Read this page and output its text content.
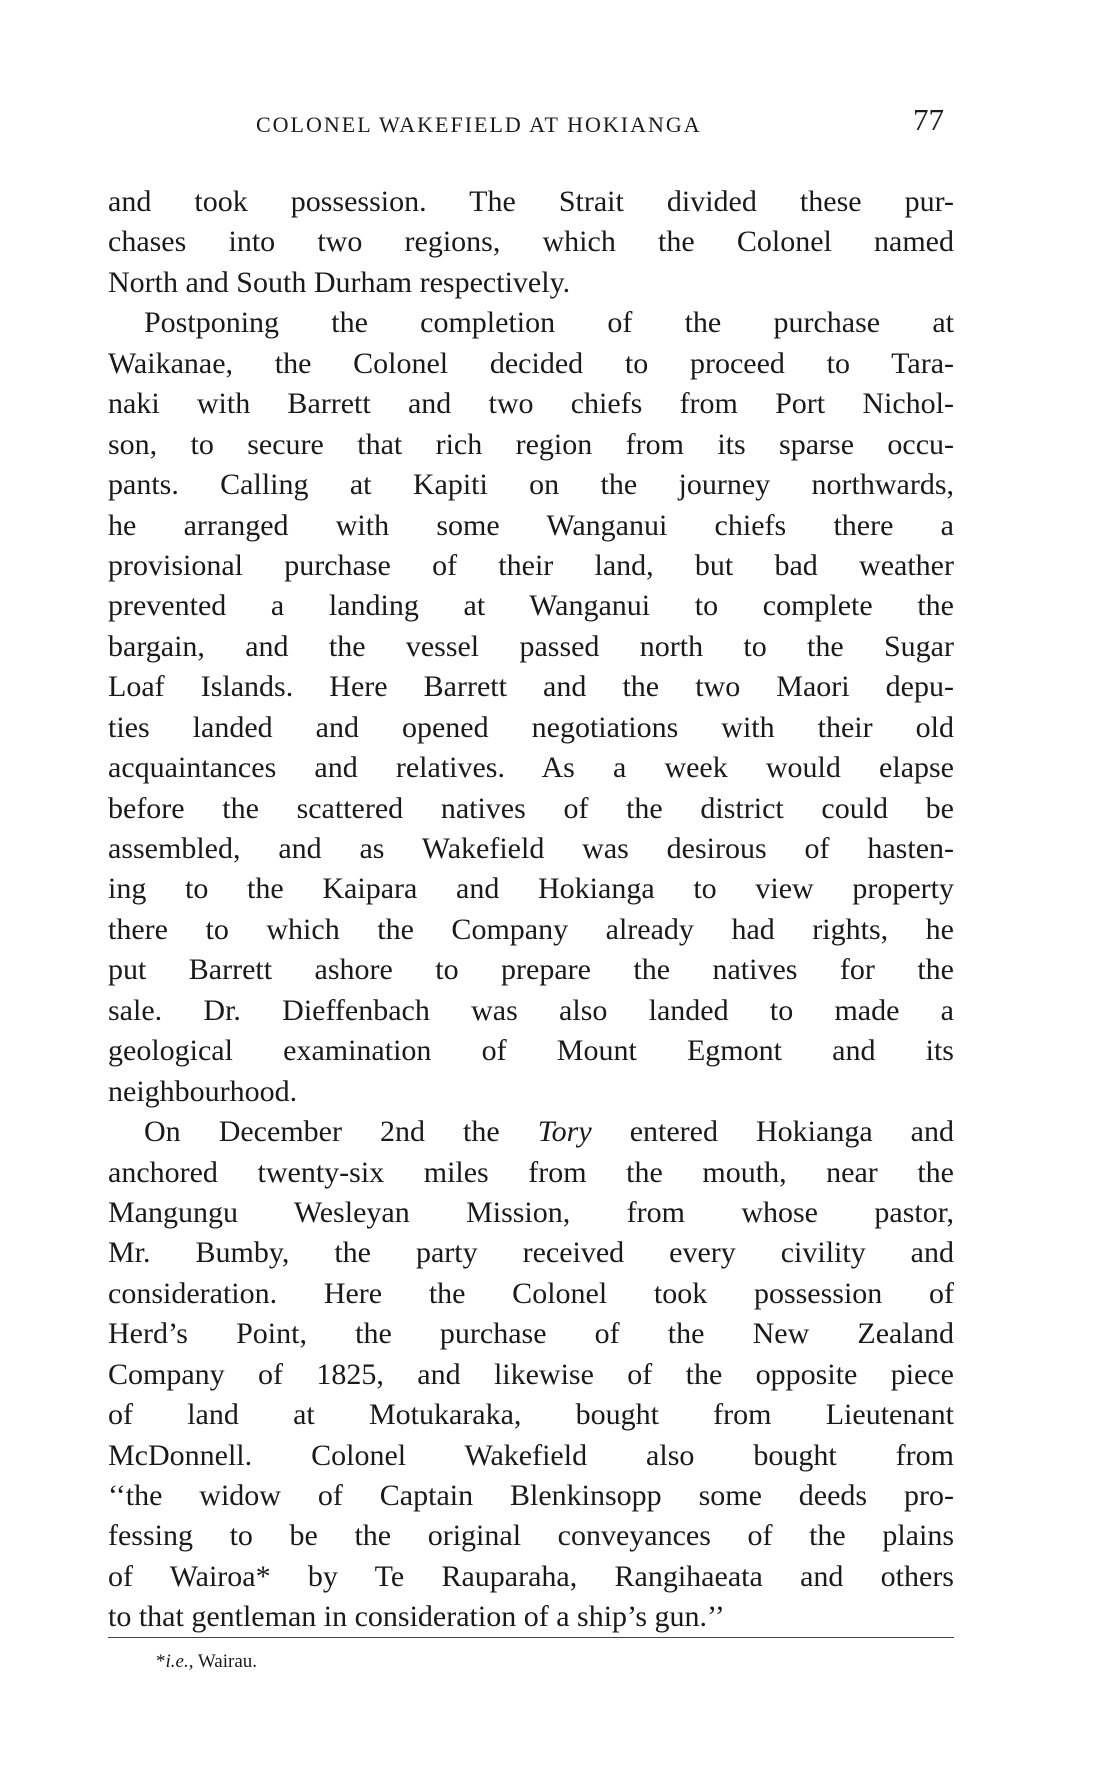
COLONEL WAKEFIELD AT HOKIANGA	77
and took possession. The Strait divided these pur-
chases into two regions, which the Colonel named
North and South Durham respectively.
Postponing the completion of the purchase at
Waikanae, the Colonel decided to proceed to Tara-
naki with Barrett and two chiefs from Port Nichol-
son, to secure that rich region from its sparse occu-
pants. Calling at Kapiti on the journey northwards,
he arranged with some Wanganui chiefs there a
provisional purchase of their land, but bad weather
prevented a landing at Wanganui to complete the
bargain, and the vessel passed north to the Sugar
Loaf Islands. Here Barrett and the two Maori depu-
ties landed and opened negotiations with their old
acquaintances and relatives. As a week would elapse
before the scattered natives of the district could be
assembled, and as Wakefield was desirous of hasten-
ing to the Kaipara and Hokianga to view property
there to which the Company already had rights, he
put Barrett ashore to prepare the natives for the
sale. Dr. Dieffenbach was also landed to made a
geological examination of Mount Egmont and its
neighbourhood.
On December 2nd the Tory entered Hokianga and
anchored twenty-six miles from the mouth, near the
Mangungu Wesleyan Mission, from whose pastor,
Mr. Bumby, the party received every civility and
consideration. Here the Colonel took possession of
Herd’s Point, the purchase of the New Zealand
Company of 1825, and likewise of the opposite piece
of land at Motukaraka, bought from Lieutenant
McDonnell. Colonel Wakefield also bought from
‘‘the widow of Captain Blenkinsopp some deeds pro-
fessing to be the original conveyances of the plains
of Wairoa* by Te Rauparaha, Rangihaeata and others
to that gentleman in consideration of a ship’s gun.’’
*i.e., Wairau.
